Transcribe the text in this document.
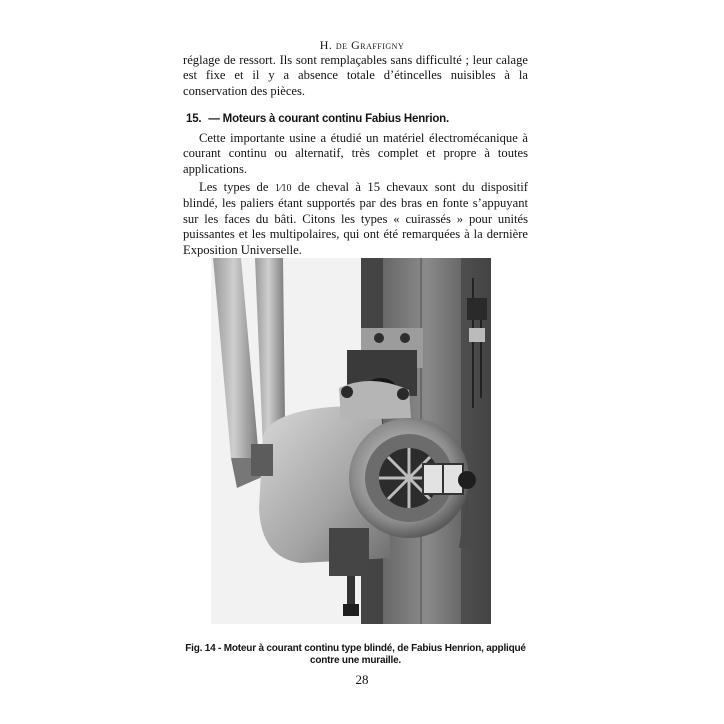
H. de Graffigny

réglage de ressort. Ils sont remplaçables sans difficulté ; leur calage est fixe et il y a absence totale d’étincelles nuisibles à la conservation des pièces.

15. — Moteurs à courant continu Fabius Henrion.

Cette importante usine a étudié un matériel électromécanique à courant continu ou alternatif, très complet et propre à toutes applications.

Les types de 1⁄10 de cheval à 15 chevaux sont du dispositif blindé, les paliers étant supportés par des bras en fonte s’appuyant sur les faces du bâti. Citons les types « cuirassés » pour unités puissantes et les multipolaires, qui ont été remarquées à la dernière Exposition Universelle.

Fig. 14 - Moteur à courant continu type blindé, de Fabius Henrion, appliqué
contre une muraille.
28
